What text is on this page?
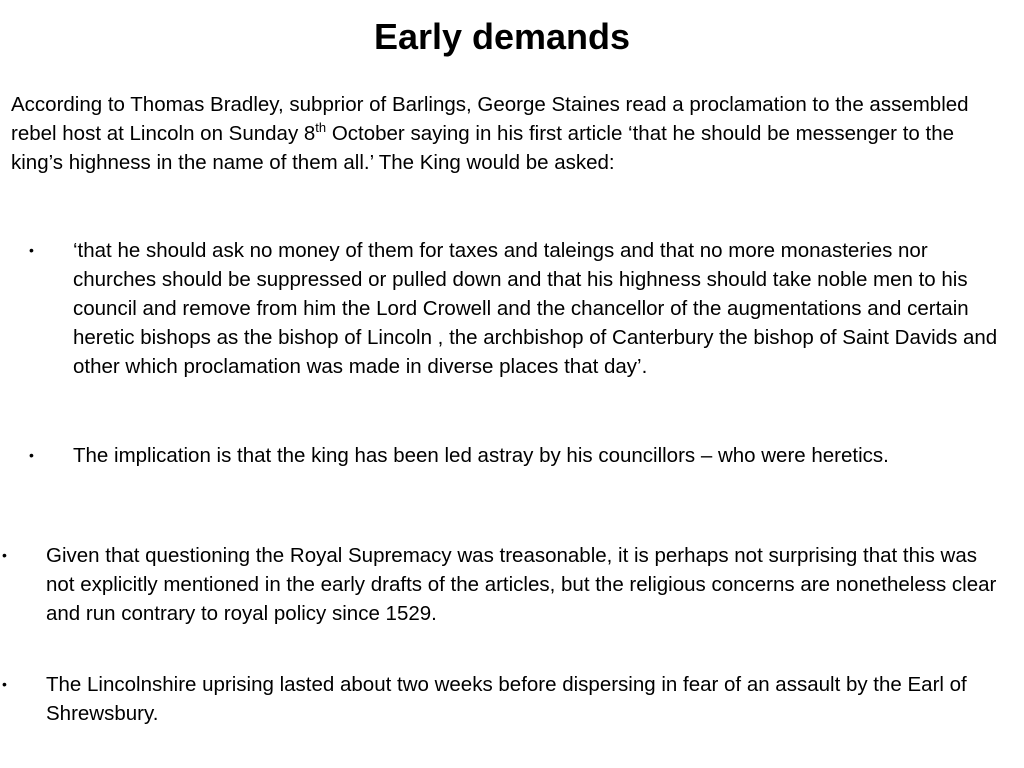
Early demands

According to Thomas Bradley, subprior of Barlings, George Staines read a proclamation to the assembled rebel host at Lincoln on Sunday 8th October saying in his first article ‘that he should be messenger to the king’s highness in the name of them all.’ The King would be asked:

• ‘that he should ask no money of them for taxes and taleings and that no more monasteries nor churches should be suppressed or pulled down and that his highness should take noble men to his council and remove from him the Lord Crowell and the chancellor of the augmentations and certain heretic bishops as the bishop of Lincoln , the archbishop of Canterbury the bishop of Saint Davids and other which proclamation was made in diverse places that day’.
• The implication is that the king has been led astray by his councillors – who were heretics.
• Given that questioning the Royal Supremacy was treasonable, it is perhaps not surprising that this was not explicitly mentioned in the early drafts of the articles, but the religious concerns are nonetheless clear and run contrary to royal policy since 1529.
• The Lincolnshire uprising lasted about two weeks before dispersing in fear of an assault by the Earl of Shrewsbury.
